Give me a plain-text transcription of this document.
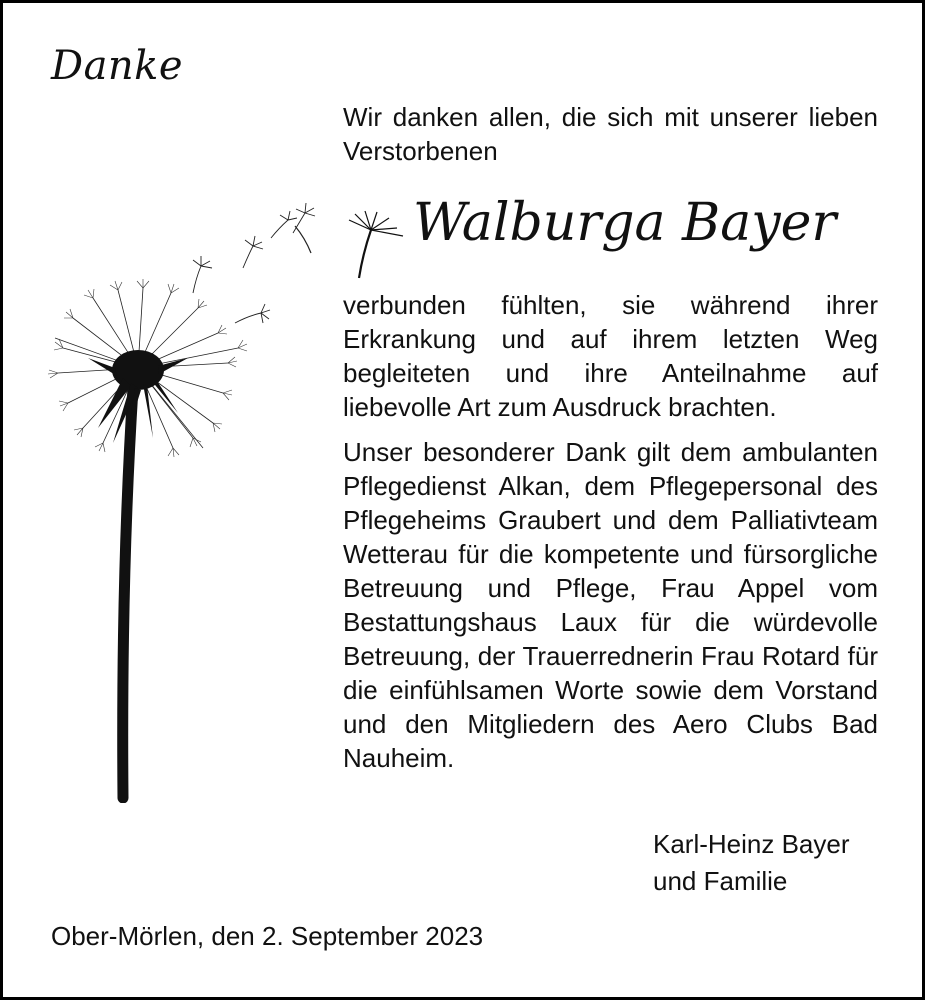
Danke
Wir danken allen, die sich mit unserer lieben Verstorbenen
Walburga Bayer

verbunden fühlten, sie während ihrer Erkrankung und auf ihrem letzten Weg begleiteten und ihre Anteilnahme auf liebevolle Art zum Ausdruck brachten.

Unser besonderer Dank gilt dem ambulanten Pflegedienst Alkan, dem Pflegepersonal des Pflegeheims Graubert und dem Palliativteam Wetterau für die kompetente und fürsorgliche Betreuung und Pflege, Frau Appel vom Bestattungshaus Laux für die würdevolle Betreuung, der Trauerrednerin Frau Rotard für die einfühlsamen Worte sowie dem Vorstand und den Mitgliedern des Aero Clubs Bad Nauheim.

Karl-Heinz Bayer
und Familie
Ober-Mörlen, den 2. September 2023
